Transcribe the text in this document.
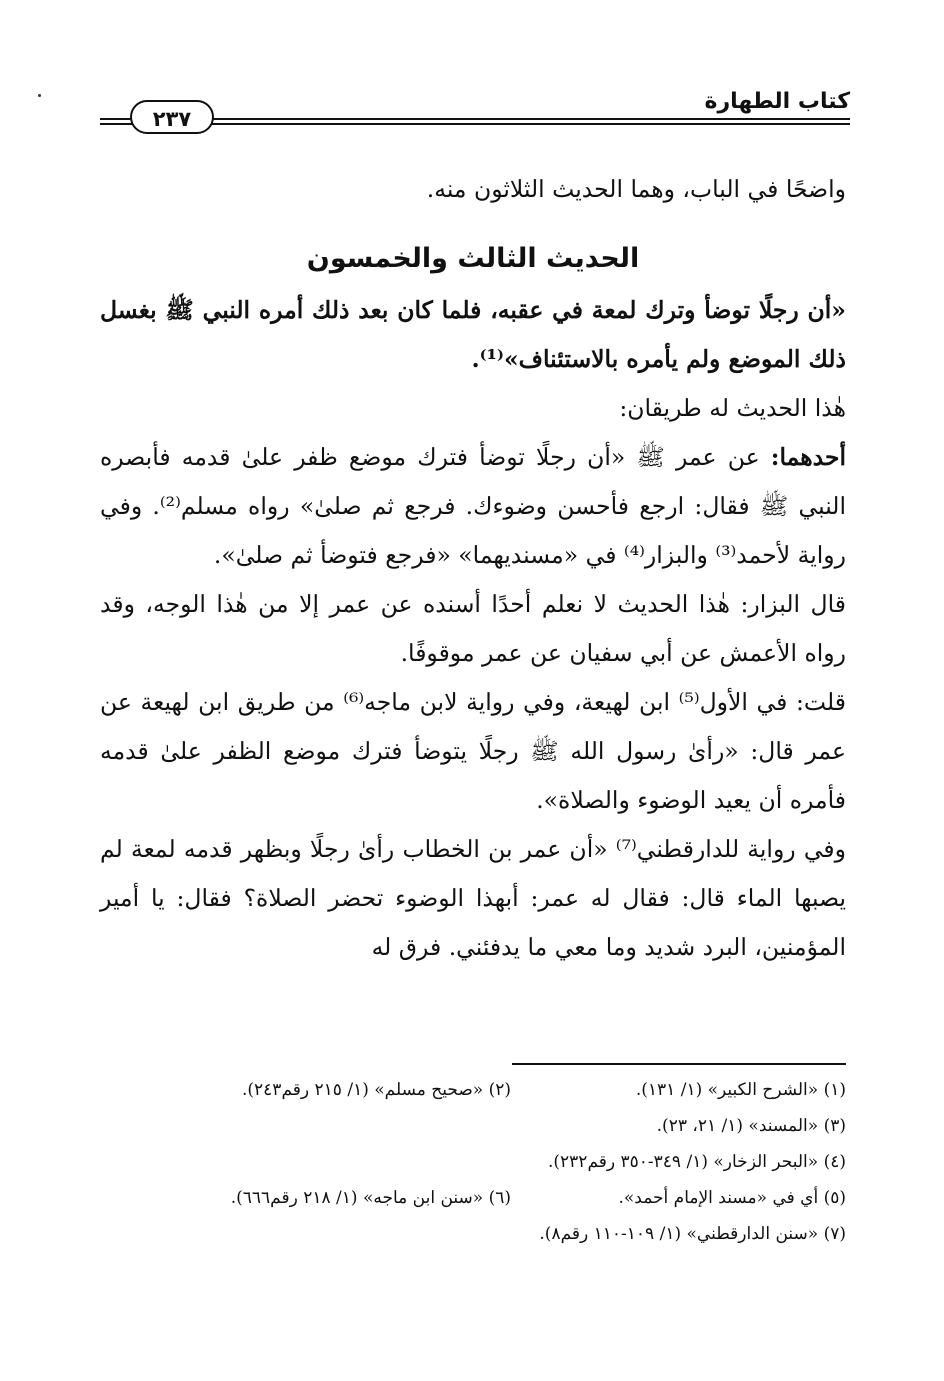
كتاب الطهارة
٢٣٧

واضحًا في الباب، وهما الحديث الثلاثون منه.

الحديث الثالث والخمسون

«أن رجلًا توضأ وترك لمعة في عقبه، فلما كان بعد ذلك أمره النبي ﷺ بغسل ذلك الموضع ولم يأمره بالاستئناف»⁽¹⁾.

هٰذا الحديث له طريقان:

أحدهما: عن عمر ﷺ «أن رجلًا توضأ فترك موضع ظفر علىٰ قدمه فأبصره النبي ﷺ فقال: ارجع فأحسن وضوءك. فرجع ثم صلىٰ» رواه مسلم⁽²⁾. وفي رواية لأحمد⁽³⁾ والبزار⁽⁴⁾ في «مسنديهما» «فرجع فتوضأ ثم صلىٰ».

قال البزار: هٰذا الحديث لا نعلم أحدًا أسنده عن عمر إلا من هٰذا الوجه، وقد رواه الأعمش عن أبي سفيان عن عمر موقوفًا.

قلت: في الأول⁽⁵⁾ ابن لهيعة، وفي رواية لابن ماجه⁽⁶⁾ من طريق ابن لهيعة عن عمر قال: «رأىٰ رسول الله ﷺ رجلًا يتوضأ فترك موضع الظفر علىٰ قدمه فأمره أن يعيد الوضوء والصلاة».

وفي رواية للدارقطني⁽⁷⁾ «أن عمر بن الخطاب رأىٰ رجلًا وبظهر قدمه لمعة لم يصبها الماء قال: فقال له عمر: أبهذا الوضوء تحضر الصلاة؟ فقال: يا أمير المؤمنين، البرد شديد وما معي ما يدفئني. فرق له

(١) «الشرح الكبير» (١/ ١٣١).
(٢) «صحيح مسلم» (١/ ٢١٥ رقم٢٤٣).
(٣) «المسند» (١/ ٢١، ٢٣).
(٤) «البحر الزخار» (١/ ٣٤٩-٣٥٠ رقم٢٣٢).
(٥) أي في «مسند الإمام أحمد».
(٦) «سنن ابن ماجه» (١/ ٢١٨ رقم٦٦٦).
(٧) «سنن الدارقطني» (١/ ١٠٩-١١٠ رقم٨).
